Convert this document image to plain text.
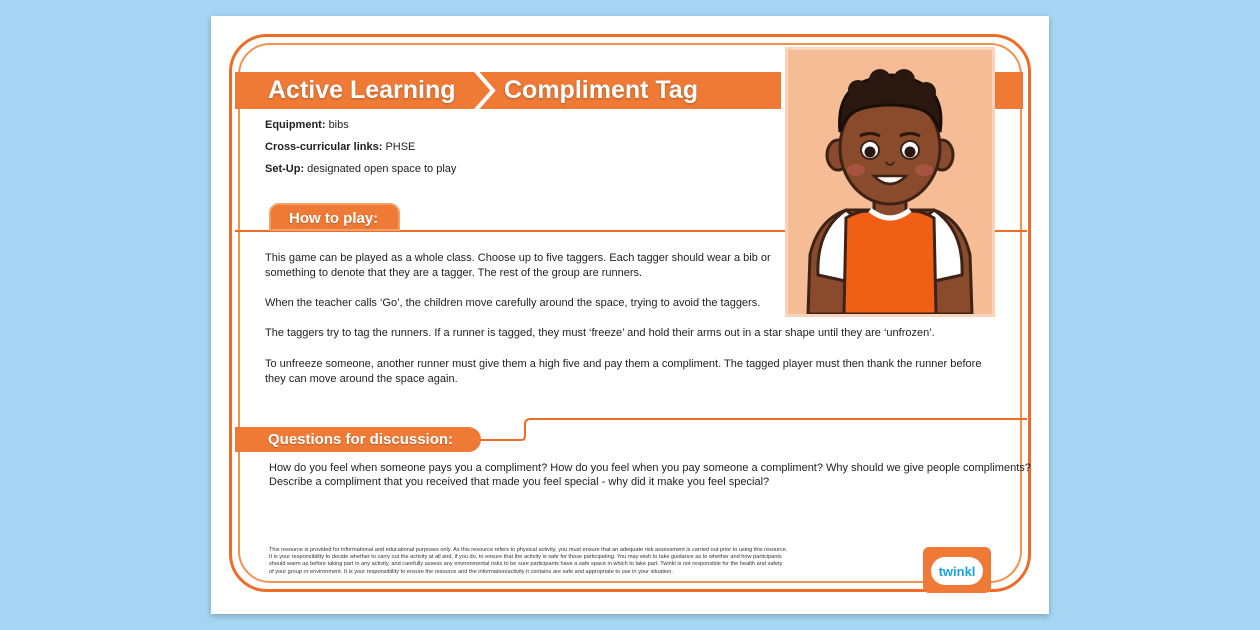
Active Learning Compliment Tag
Equipment: bibs
Cross-curricular links: PHSE
Set-Up: designated open space to play
How to play:
This game can be played as a whole class. Choose up to five taggers. Each tagger should wear a bib or
something to denote that they are a tagger. The rest of the group are runners.
When the teacher calls ‘Go’, the children move carefully around the space, trying to avoid the taggers.
The taggers try to tag the runners. If a runner is tagged, they must ‘freeze’ and hold their arms out in a star shape until they are ‘unfrozen’.
To unfreeze someone, another runner must give them a high five and pay them a compliment. The tagged player must then thank the runner before
they can move around the space again.
Questions for discussion:
How do you feel when someone pays you a compliment? How do you feel when you pay someone a compliment? Why should we give people compliments?
Describe a compliment that you received that made you feel special - why did it make you feel special?
This resource is provided for informational and educational purposes only. As this resource refers to physical activity, you must ensure that an adequate risk assessment is carried out prior to using this resource.
It is your responsibility to decide whether to carry out the activity at all and, if you do, to ensure that the activity is safe for those participating. You may wish to take guidance as to whether and how participants
should warm up before taking part in any activity, and carefully assess any environmental risks to be sure participants have a safe space in which to take part. Twinkl is not responsible for the health and safety
of your group or environment. It is your responsibility to ensure the resource and the information/activity it contains are safe and appropriate to use in your situation.	twinkl
